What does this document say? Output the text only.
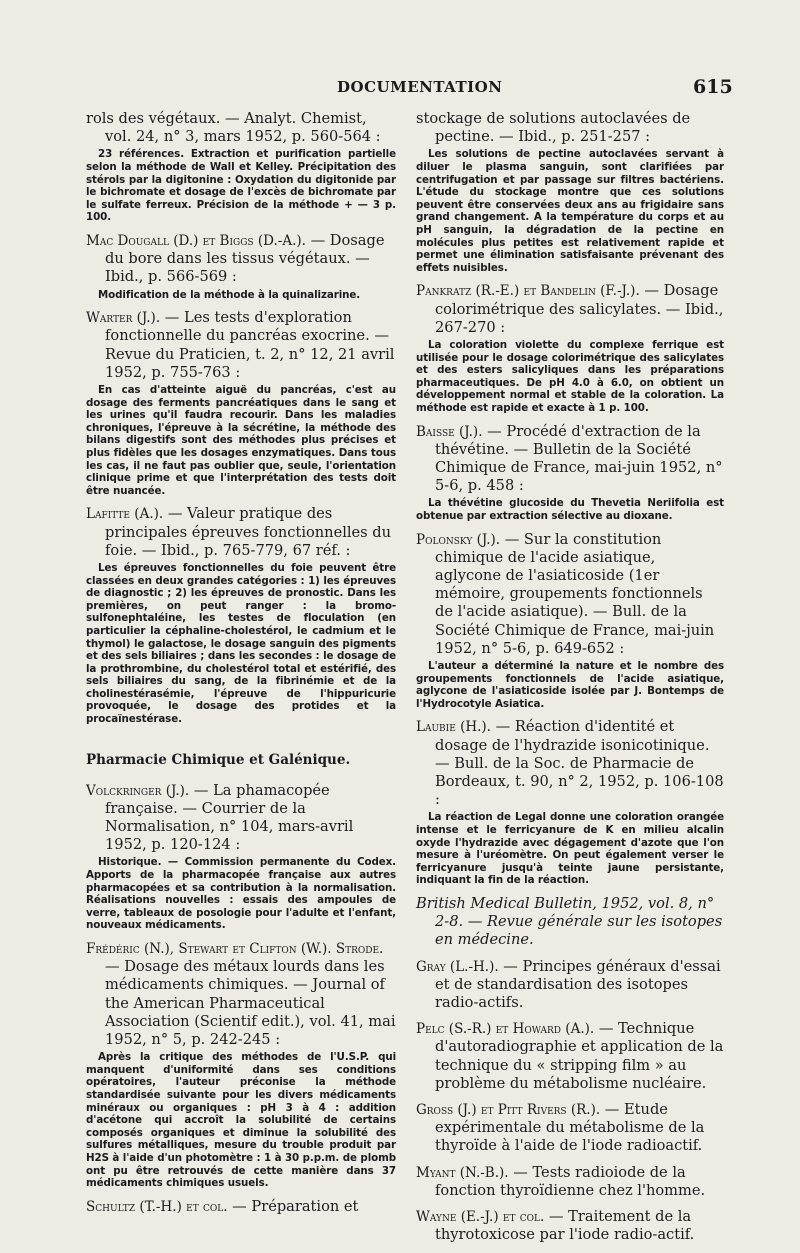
DOCUMENTATION	615

rols des végétaux. — Analyt. Chemist, vol. 24, n° 3, mars 1952, p. 560-564 :

23 références. Extraction et purification partielle selon la méthode de Wall et Kelley. Précipitation des stérols par la digitonine : Oxydation du digitonide par le bichromate et dosage de l'excès de bichromate par le sulfate ferreux. Précision de la méthode + — 3 p. 100.

Mac Dougall (D.) et Biggs (D.-A.). — Dosage du bore dans les tissus végétaux. — Ibid., p. 566-569 :

Modification de la méthode à la quinalizarine.

Warter (J.). — Les tests d'exploration fonctionnelle du pancréas exocrine. — Revue du Praticien, t. 2, n° 12, 21 avril 1952, p. 755-763 :

En cas d'atteinte aiguë du pancréas, c'est au dosage des ferments pancréatiques dans le sang et les urines qu'il faudra recourir. Dans les maladies chroniques, l'épreuve à la sécrétine, la méthode des bilans digestifs sont des méthodes plus précises et plus fidèles que les dosages enzymatiques. Dans tous les cas, il ne faut pas oublier que, seule, l'orientation clinique prime et que l'interprétation des tests doit être nuancée.

Lafitte (A.). — Valeur pratique des principales épreuves fonctionnelles du foie. — Ibid., p. 765-779, 67 réf. :

Les épreuves fonctionnelles du foie peuvent être classées en deux grandes catégories : 1) les épreuves de diagnostic ; 2) les épreuves de pronostic. Dans les premières, on peut ranger : la bromo-sulfonephtaléine, les testes de floculation (en particulier la céphaline-cholestérol, le cadmium et le thymol) le galactose, le dosage sanguin des pigments et des sels biliaires ; dans les secondes : le dosage de la prothrombine, du cholestérol total et estérifié, des sels biliaires du sang, de la fibrinémie et de la cholinestérasémie, l'épreuve de l'hippuricurie provoquée, le dosage des protides et la procaïnestérase.

Pharmacie Chimique et Galénique.

Volckringer (J.). — La phamacopée française. — Courrier de la Normalisation, n° 104, mars-avril 1952, p. 120-124 :

Historique. — Commission permanente du Codex. Apports de la pharmacopée française aux autres pharmacopées et sa contribution à la normalisation. Réalisations nouvelles : essais des ampoules de verre, tableaux de posologie pour l'adulte et l'enfant, nouveaux médicaments.

Frédéric (N.), Stewart et Clifton (W.). Strode. — Dosage des métaux lourds dans les médicaments chimiques. — Journal of the American Pharmaceutical Association (Scientif edit.), vol. 41, mai 1952, n° 5, p. 242-245 :

Après la critique des méthodes de l'U.S.P. qui manquent d'uniformité dans ses conditions opératoires, l'auteur préconise la méthode standardisée suivante pour les divers médicaments minéraux ou organiques : pH 3 à 4 : addition d'acétone qui accroît la solubilité de certains composés organiques et diminue la solubilité des sulfures métalliques, mesure du trouble produit par H2S à l'aide d'un photomètre : 1 à 30 p.p.m. de plomb ont pu être retrouvés de cette manière dans 37 médicaments chimiques usuels.

Schultz (T.-H.) et col. — Préparation et

stockage de solutions autoclavées de pectine. — Ibid., p. 251-257 :

Les solutions de pectine autoclavées servant à diluer le plasma sanguin, sont clarifiées par centrifugation et par passage sur filtres bactériens. L'étude du stockage montre que ces solutions peuvent être conservées deux ans au frigidaire sans grand changement. A la température du corps et au pH sanguin, la dégradation de la pectine en molécules plus petites est relativement rapide et permet une élimination satisfaisante prévenant des effets nuisibles.

Pankratz (R.-E.) et Bandelin (F.-J.). — Dosage colorimétrique des salicylates. — Ibid., 267-270 :

La coloration violette du complexe ferrique est utilisée pour le dosage colorimétrique des salicylates et des esters salicyliques dans les préparations pharmaceutiques. De pH 4.0 à 6.0, on obtient un développement normal et stable de la coloration. La méthode est rapide et exacte à 1 p. 100.

Baisse (J.). — Procédé d'extraction de la thévétine. — Bulletin de la Société Chimique de France, mai-juin 1952, n° 5-6, p. 458 :

La thévétine glucoside du Thevetia Neriifolia est obtenue par extraction sélective au dioxane.

Polonsky (J.). — Sur la constitution chimique de l'acide asiatique, aglycone de l'asiaticoside (1er mémoire, groupements fonctionnels de l'acide asiatique). — Bull. de la Société Chimique de France, mai-juin 1952, n° 5-6, p. 649-652 :

L'auteur a déterminé la nature et le nombre des groupements fonctionnels de l'acide asiatique, aglycone de l'asiaticoside isolée par J. Bontemps de l'Hydrocotyle Asiatica.

Laubie (H.). — Réaction d'identité et dosage de l'hydrazide isonicotinique. — Bull. de la Soc. de Pharmacie de Bordeaux, t. 90, n° 2, 1952, p. 106-108 :

La réaction de Legal donne une coloration orangée intense et le ferricyanure de K en milieu alcalin oxyde l'hydrazide avec dégagement d'azote que l'on mesure à l'uréomètre. On peut également verser le ferricyanure jusqu'à teinte jaune persistante, indiquant la fin de la réaction.

British Medical Bulletin, 1952, vol. 8, n° 2-8. — Revue générale sur les isotopes en médecine.

Gray (L.-H.). — Principes généraux d'essai et de standardisation des isotopes radio-actifs.

Pelc (S.-R.) et Howard (A.). — Technique d'autoradiographie et application de la technique du « stripping film » au problème du métabolisme nucléaire.

Gross (J.) et Pitt Rivers (R.). — Etude expérimentale du métabolisme de la thyroïde à l'aide de l'iode radioactif.

Myant (N.-B.). — Tests radioiode de la fonction thyroïdienne chez l'homme.

Wayne (E.-J.) et col. — Traitement de la thyrotoxicose par l'iode radio-actif.
